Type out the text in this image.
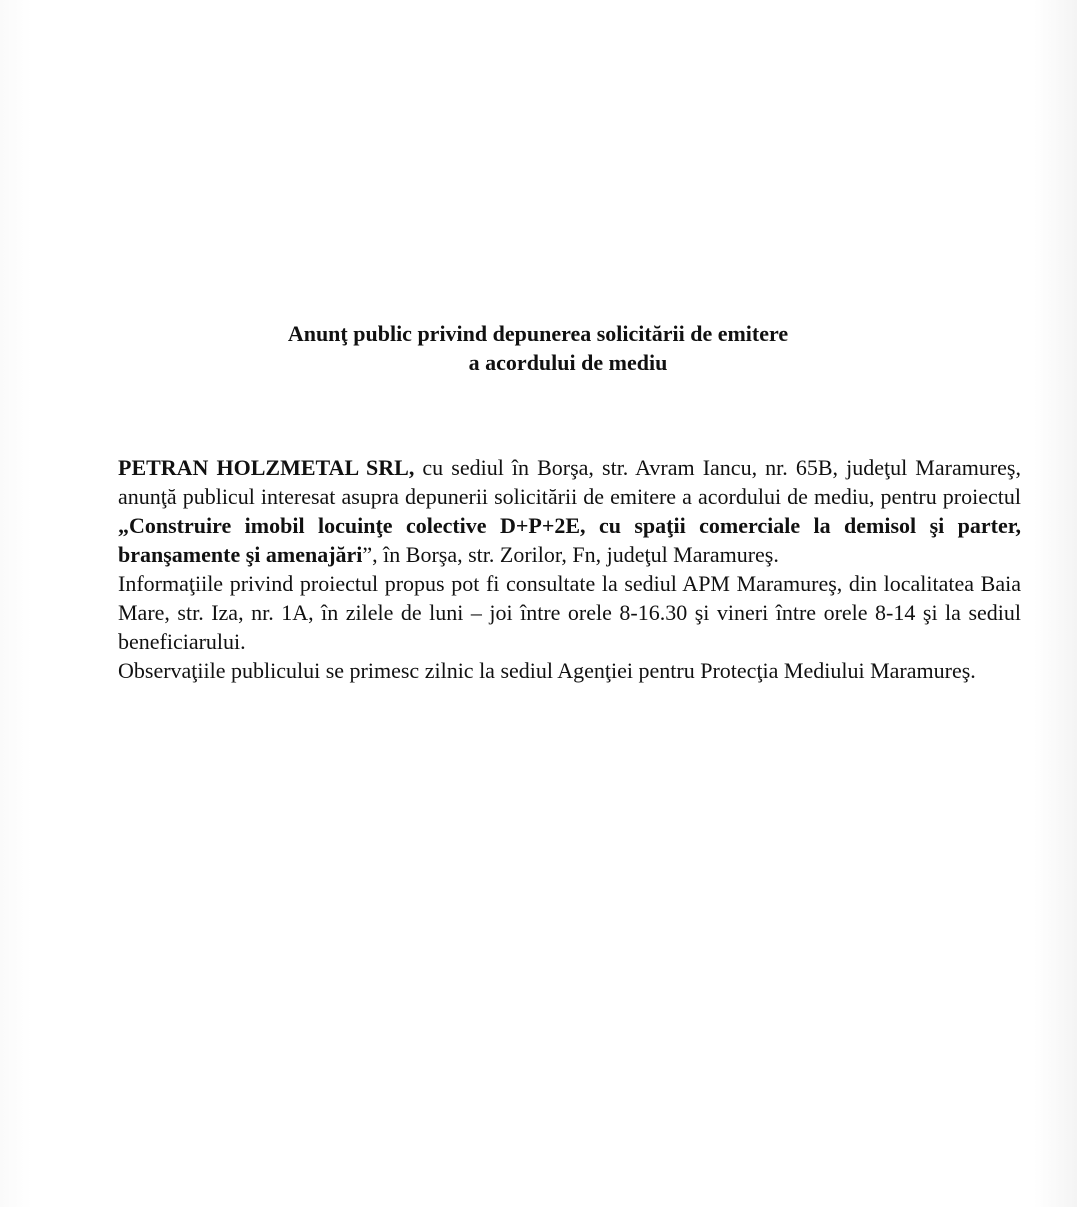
Anunţ public privind depunerea solicitării de emitere
a acordului de mediu

PETRAN HOLZMETAL SRL, cu sediul în Borşa, str. Avram Iancu, nr. 65B, judeţul Maramureş, anunţă publicul interesat asupra depunerii solicitării de emitere a acordului de mediu, pentru proiectul „Construire imobil locuinţe colective D+P+2E, cu spaţii comerciale la demisol şi parter, branşamente şi amenajări”, în Borşa, str. Zorilor, Fn, judeţul Maramureş.

Informaţiile privind proiectul propus pot fi consultate la sediul APM Maramureş, din localitatea Baia Mare, str. Iza, nr. 1A, în zilele de luni – joi între orele 8-16.30 şi vineri între orele 8-14 şi la sediul beneficiarului.

Observaţiile publicului se primesc zilnic la sediul Agenţiei pentru Protecţia Mediului Maramureş.
